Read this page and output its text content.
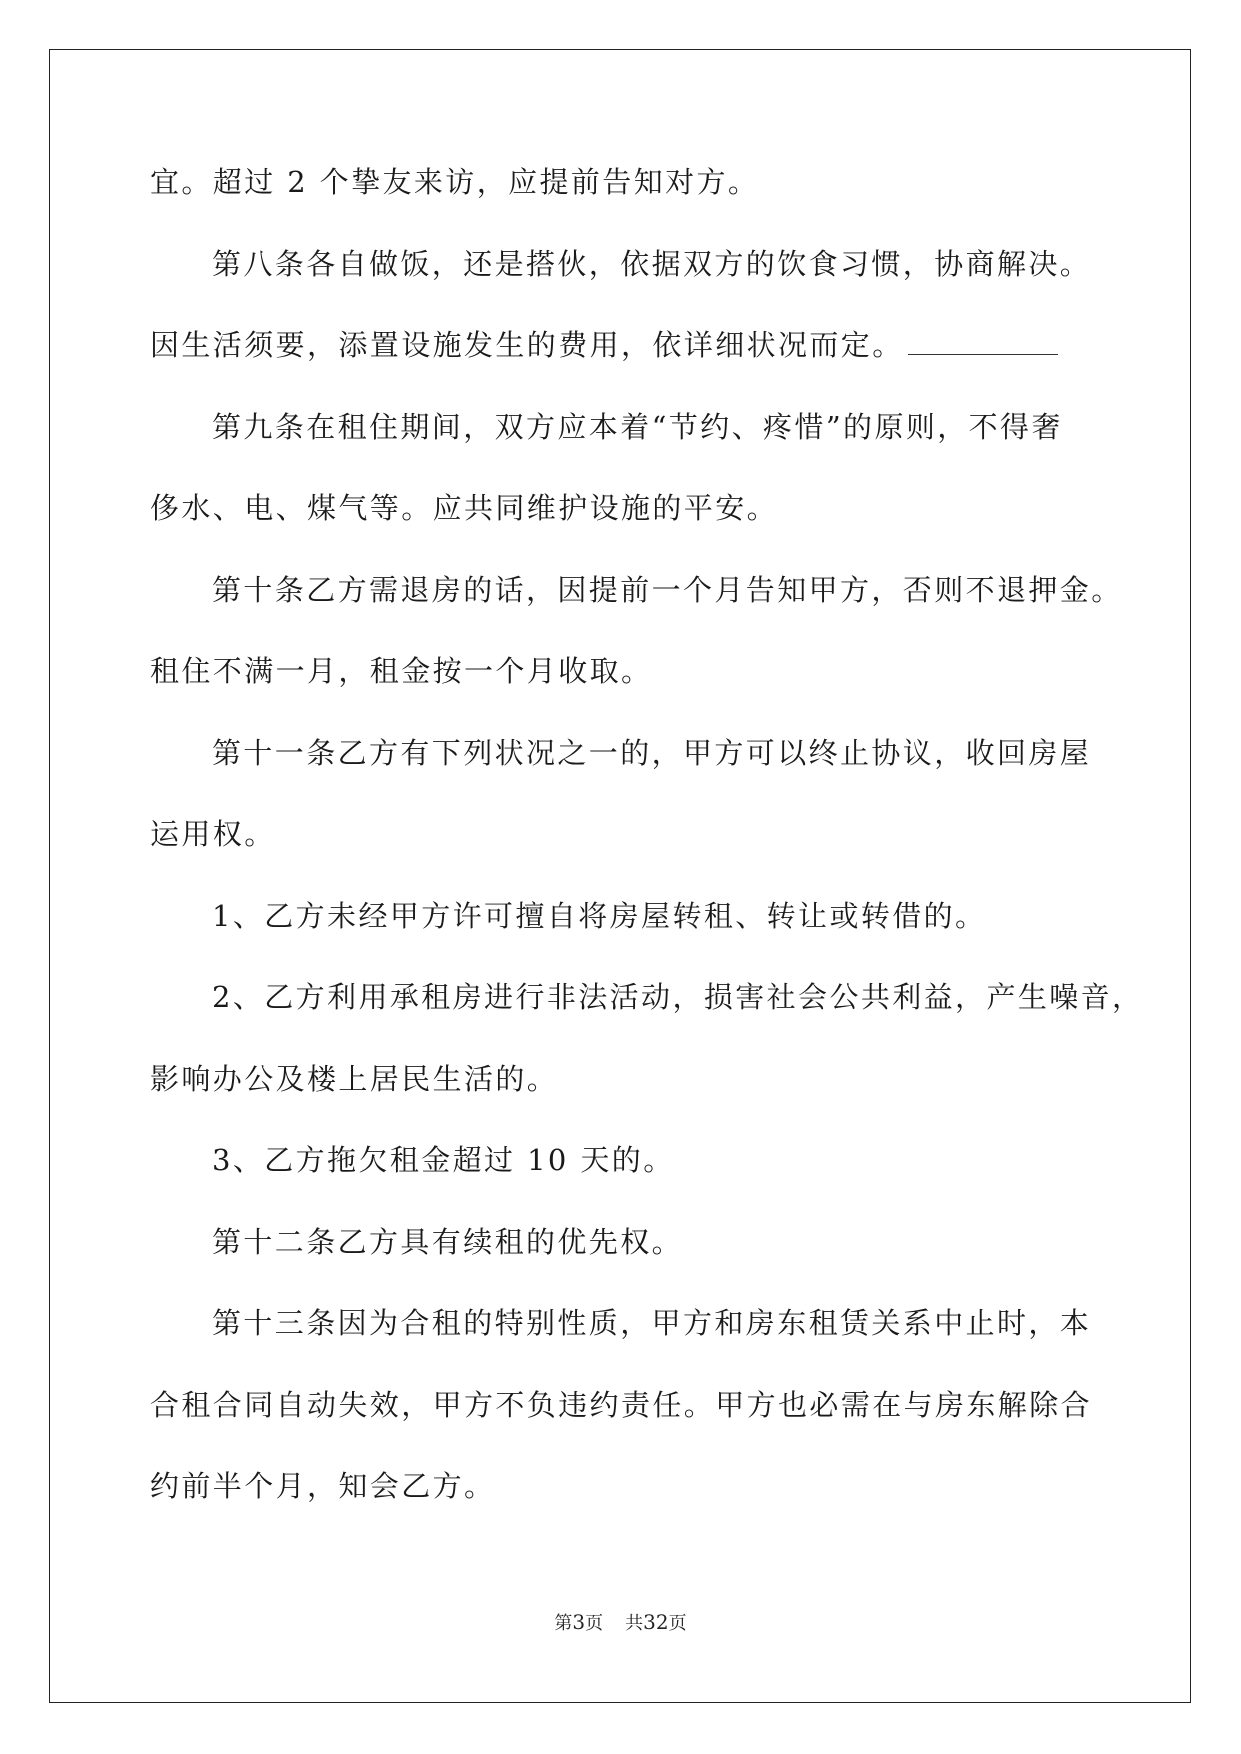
宜。超过 2 个挚友来访，应提前告知对方。
第八条各自做饭，还是搭伙，依据双方的饮食习惯，协商解决。
因生活须要，添置设施发生的费用，依详细状况而定。
第九条在租住期间，双方应本着“节约、疼惜”的原则，不得奢
侈水、电、煤气等。应共同维护设施的平安。
第十条乙方需退房的话，因提前一个月告知甲方，否则不退押金。
租住不满一月，租金按一个月收取。
第十一条乙方有下列状况之一的，甲方可以终止协议，收回房屋
运用权。
1、乙方未经甲方许可擅自将房屋转租、转让或转借的。
2、乙方利用承租房进行非法活动，损害社会公共利益，产生噪音，
影响办公及楼上居民生活的。
3、乙方拖欠租金超过 10 天的。
第十二条乙方具有续租的优先权。
第十三条因为合租的特别性质，甲方和房东租赁关系中止时，本
合租合同自动失效，甲方不负违约责任。甲方也必需在与房东解除合
约前半个月，知会乙方。
第3页 共32页
